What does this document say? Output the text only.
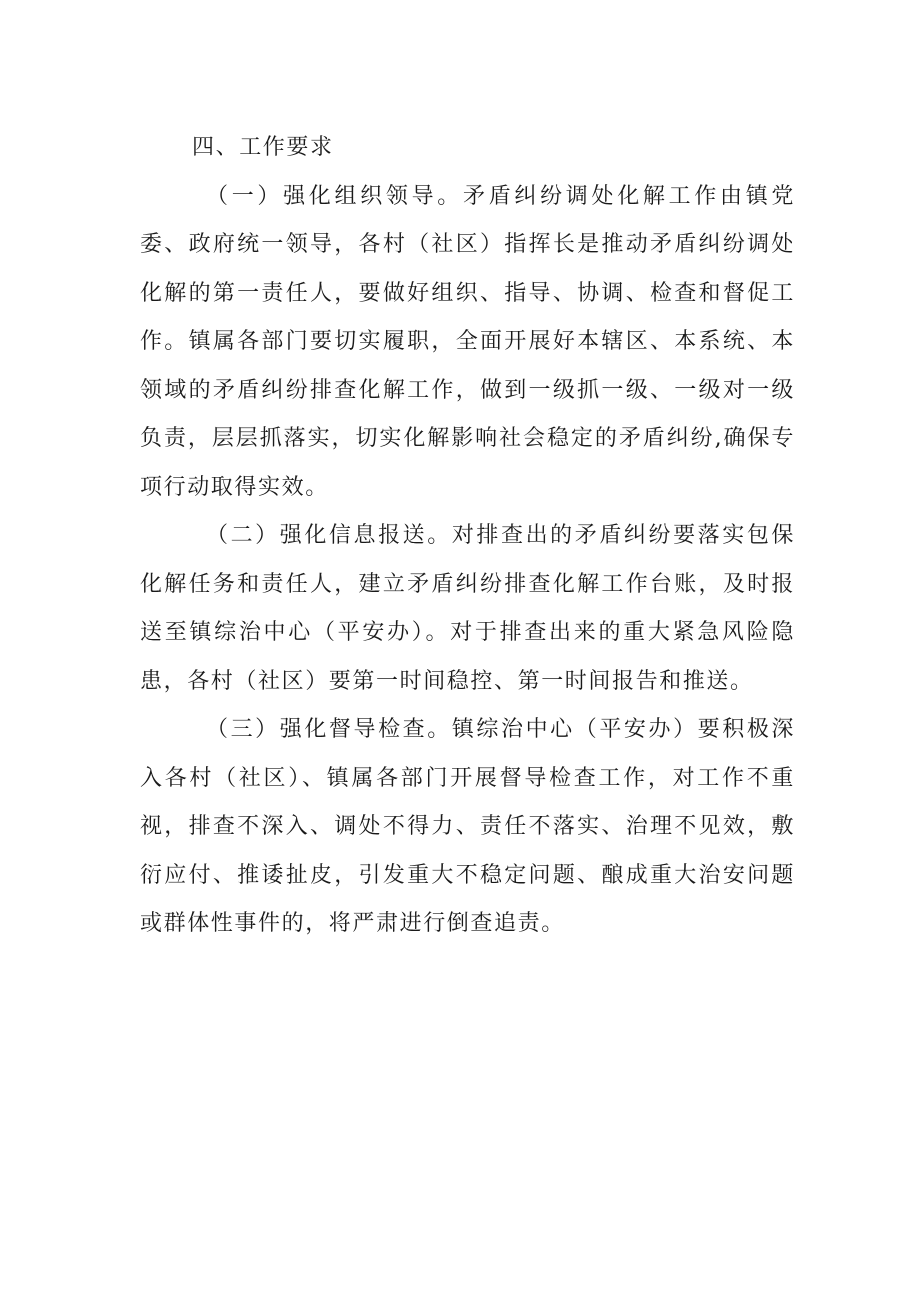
四、工作要求

（一）强化组织领导。矛盾纠纷调处化解工作由镇党委、政府统一领导，各村（社区）指挥长是推动矛盾纠纷调处化解的第一责任人，要做好组织、指导、协调、检查和督促工作。镇属各部门要切实履职，全面开展好本辖区、本系统、本领域的矛盾纠纷排查化解工作，做到一级抓一级、一级对一级负责，层层抓落实，切实化解影响社会稳定的矛盾纠纷,确保专项行动取得实效。

（二）强化信息报送。对排查出的矛盾纠纷要落实包保化解任务和责任人，建立矛盾纠纷排查化解工作台账，及时报送至镇综治中心（平安办）。对于排查出来的重大紧急风险隐患，各村（社区）要第一时间稳控、第一时间报告和推送。

（三）强化督导检查。镇综治中心（平安办）要积极深入各村（社区）、镇属各部门开展督导检查工作，对工作不重视，排查不深入、调处不得力、责任不落实、治理不见效，敷衍应付、推诿扯皮，引发重大不稳定问题、酿成重大治安问题或群体性事件的，将严肃进行倒查追责。
